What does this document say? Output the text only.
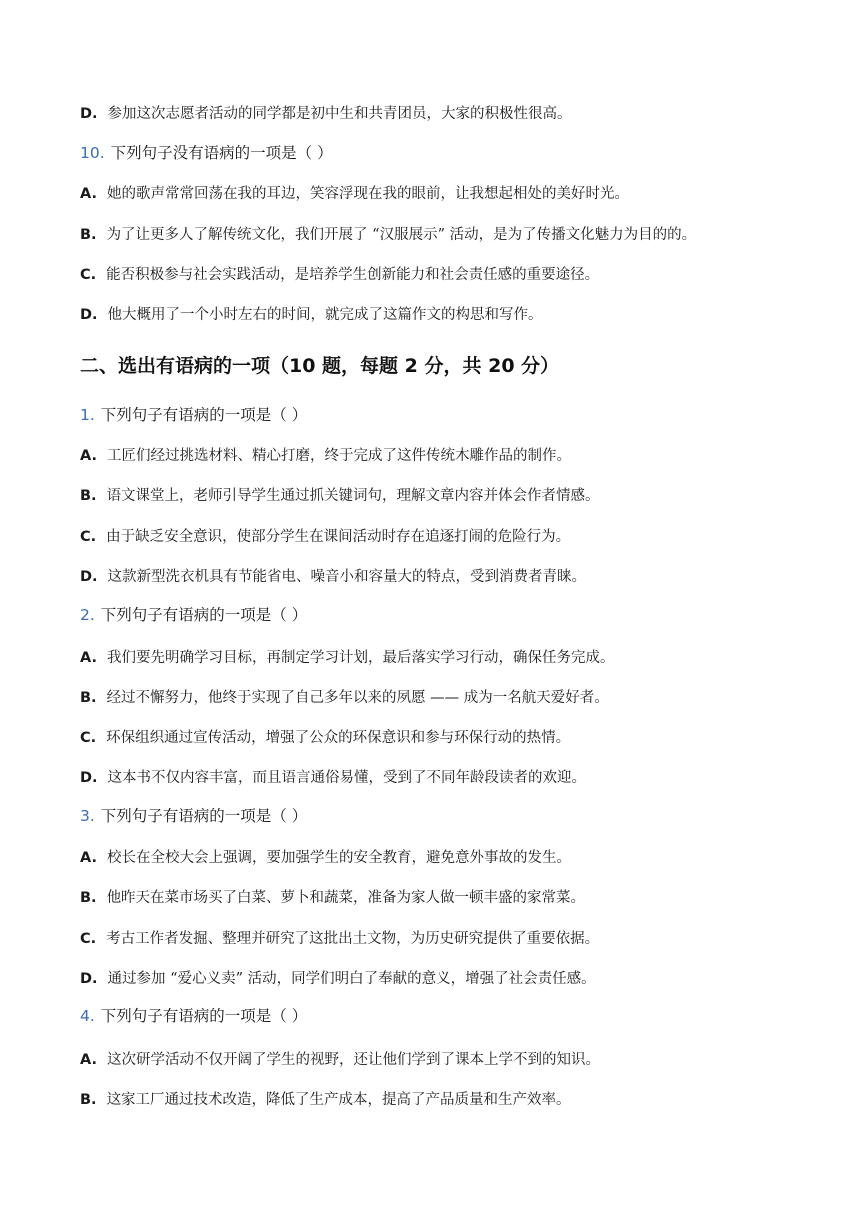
D. 参加这次志愿者活动的同学都是初中生和共青团员，大家的积极性很高。
10. 下列句子没有语病的一项是（ ）
A. 她的歌声常常回荡在我的耳边，笑容浮现在我的眼前，让我想起相处的美好时光。
B. 为了让更多人了解传统文化，我们开展了 “汉服展示” 活动，是为了传播文化魅力为目的的。
C. 能否积极参与社会实践活动，是培养学生创新能力和社会责任感的重要途径。
D. 他大概用了一个小时左右的时间，就完成了这篇作文的构思和写作。
二、选出有语病的一项（10 题，每题 2 分，共 20 分）
1. 下列句子有语病的一项是（ ）
A. 工匠们经过挑选材料、精心打磨，终于完成了这件传统木雕作品的制作。
B. 语文课堂上，老师引导学生通过抓关键词句，理解文章内容并体会作者情感。
C. 由于缺乏安全意识，使部分学生在课间活动时存在追逐打闹的危险行为。
D. 这款新型洗衣机具有节能省电、噪音小和容量大的特点，受到消费者青睐。
2. 下列句子有语病的一项是（ ）
A. 我们要先明确学习目标，再制定学习计划，最后落实学习行动，确保任务完成。
B. 经过不懈努力，他终于实现了自己多年以来的夙愿 —— 成为一名航天爱好者。
C. 环保组织通过宣传活动，增强了公众的环保意识和参与环保行动的热情。
D. 这本书不仅内容丰富，而且语言通俗易懂，受到了不同年龄段读者的欢迎。
3. 下列句子有语病的一项是（ ）
A. 校长在全校大会上强调，要加强学生的安全教育，避免意外事故的发生。
B. 他昨天在菜市场买了白菜、萝卜和蔬菜，准备为家人做一顿丰盛的家常菜。
C. 考古工作者发掘、整理并研究了这批出土文物，为历史研究提供了重要依据。
D. 通过参加 “爱心义卖” 活动，同学们明白了奉献的意义，增强了社会责任感。
4. 下列句子有语病的一项是（ ）
A. 这次研学活动不仅开阔了学生的视野，还让他们学到了课本上学不到的知识。
B. 这家工厂通过技术改造，降低了生产成本，提高了产品质量和生产效率。
